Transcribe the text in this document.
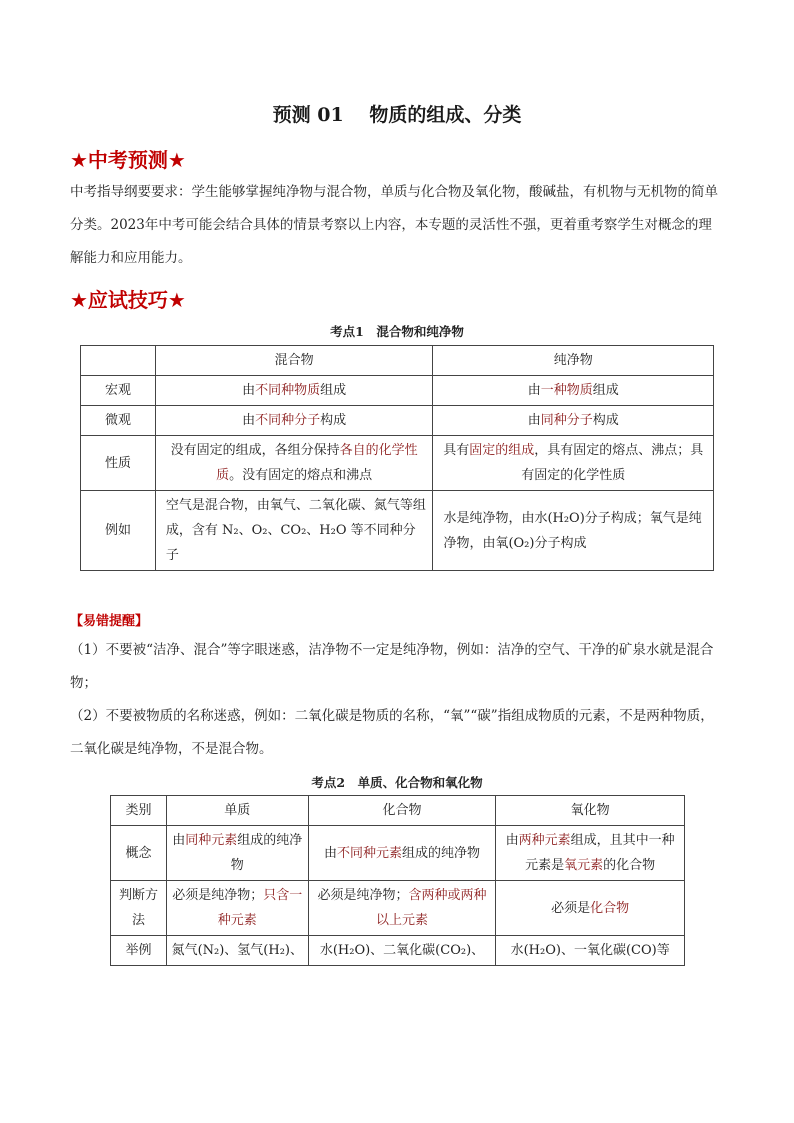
预测 01　 物质的组成、分类
★中考预测★

中考指导纲要要求：学生能够掌握纯净物与混合物，单质与化合物及氧化物，酸碱盐，有机物与无机物的简单分类。2023年中考可能会结合具体的情景考察以上内容，本专题的灵活性不强，更着重考察学生对概念的理解能力和应用能力。

★应试技巧★
考点1　混合物和纯净物
	混合物	纯净物
宏观	由不同种物质组成	由一种物质组成
微观	由不同种分子构成	由同种分子构成
性质	没有固定的组成，各组分保持各自的化学性质。没有固定的熔点和沸点	具有固定的组成，具有固定的熔点、沸点；具有固定的化学性质
例如	空气是混合物，由氧气、二氧化碳、氮气等组成，含有 N₂、O₂、CO₂、H₂O 等不同种分子	水是纯净物，由水(H₂O)分子构成；氧气是纯净物，由氧(O₂)分子构成
【易错提醒】

（1）不要被“洁净、混合”等字眼迷惑，洁净物不一定是纯净物，例如：洁净的空气、干净的矿泉水就是混合物；

（2）不要被物质的名称迷惑，例如：二氧化碳是物质的名称，“氧”“碳”指组成物质的元素，不是两种物质，二氧化碳是纯净物，不是混合物。

考点2　单质、化合物和氧化物
类别	单质	化合物	氧化物
概念	由同种元素组成的纯净物	由不同种元素组成的纯净物	由两种元素组成，且其中一种元素是氧元素的化合物
判断方法	必须是纯净物；只含一种元素	必须是纯净物；含两种或两种以上元素	必须是化合物
举例	氮气(N₂)、氢气(H₂)、	水(H₂O)、二氧化碳(CO₂)、	水(H₂O)、一氧化碳(CO)等
